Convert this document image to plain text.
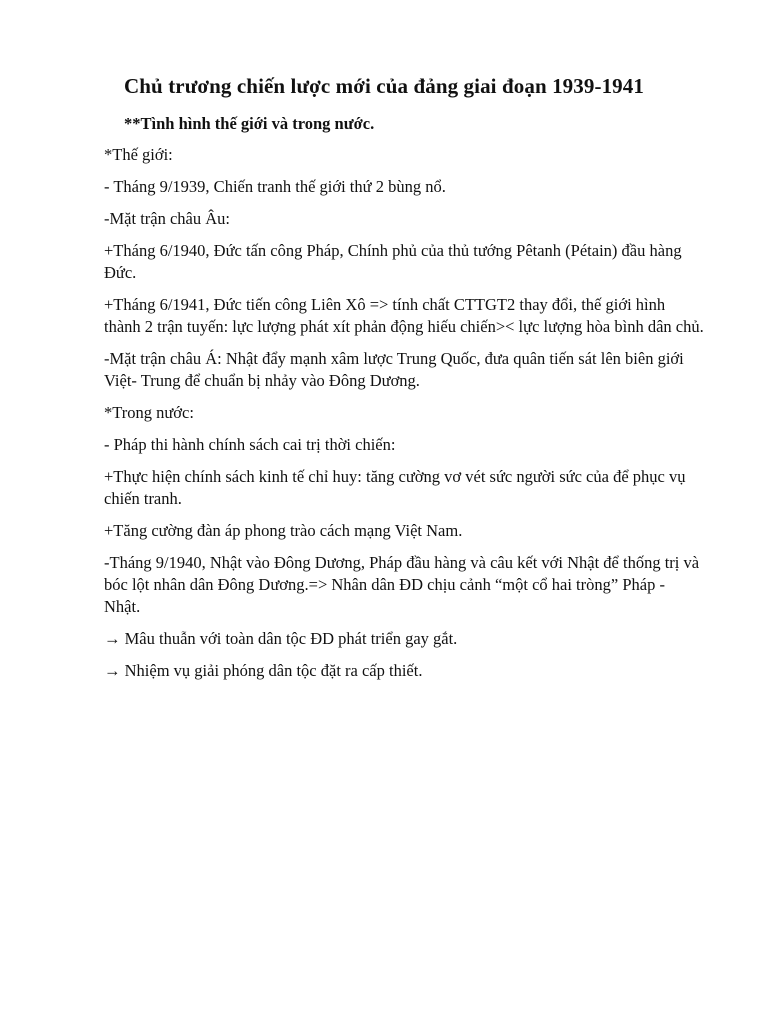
Chủ trương chiến lược mới của đảng giai đoạn 1939-1941
**Tình hình thế giới và trong nước.

*Thế giới:

- Tháng 9/1939, Chiến tranh thế giới thứ 2 bùng nổ.

-Mặt trận châu Âu:

+Tháng 6/1940, Đức tấn công Pháp, Chính phủ của thủ tướng Pêtanh (Pétain) đầu hàng Đức.

+Tháng 6/1941, Đức tiến công Liên Xô => tính chất CTTGT2 thay đổi, thế giới hình thành 2 trận tuyến: lực lượng phát xít phản động hiếu chiến>< lực lượng hòa bình dân chủ.

-Mặt trận châu Á: Nhật đẩy mạnh xâm lược Trung Quốc, đưa quân tiến sát lên biên giới Việt- Trung để chuẩn bị nhảy vào Đông Dương.

*Trong nước:

- Pháp thi hành chính sách cai trị thời chiến:

+Thực hiện chính sách kinh tế chỉ huy: tăng cường vơ vét sức người sức của để phục vụ chiến tranh.

+Tăng cường đàn áp phong trào cách mạng Việt Nam.

-Tháng 9/1940, Nhật vào Đông Dương, Pháp đầu hàng và câu kết với Nhật để thống trị và bóc lột nhân dân Đông Dương.=> Nhân dân ĐD chịu cảnh “một cổ hai tròng” Pháp - Nhật.

→ Mâu thuẫn với toàn dân tộc ĐD phát triển gay gắt.

→ Nhiệm vụ giải phóng dân tộc đặt ra cấp thiết.
